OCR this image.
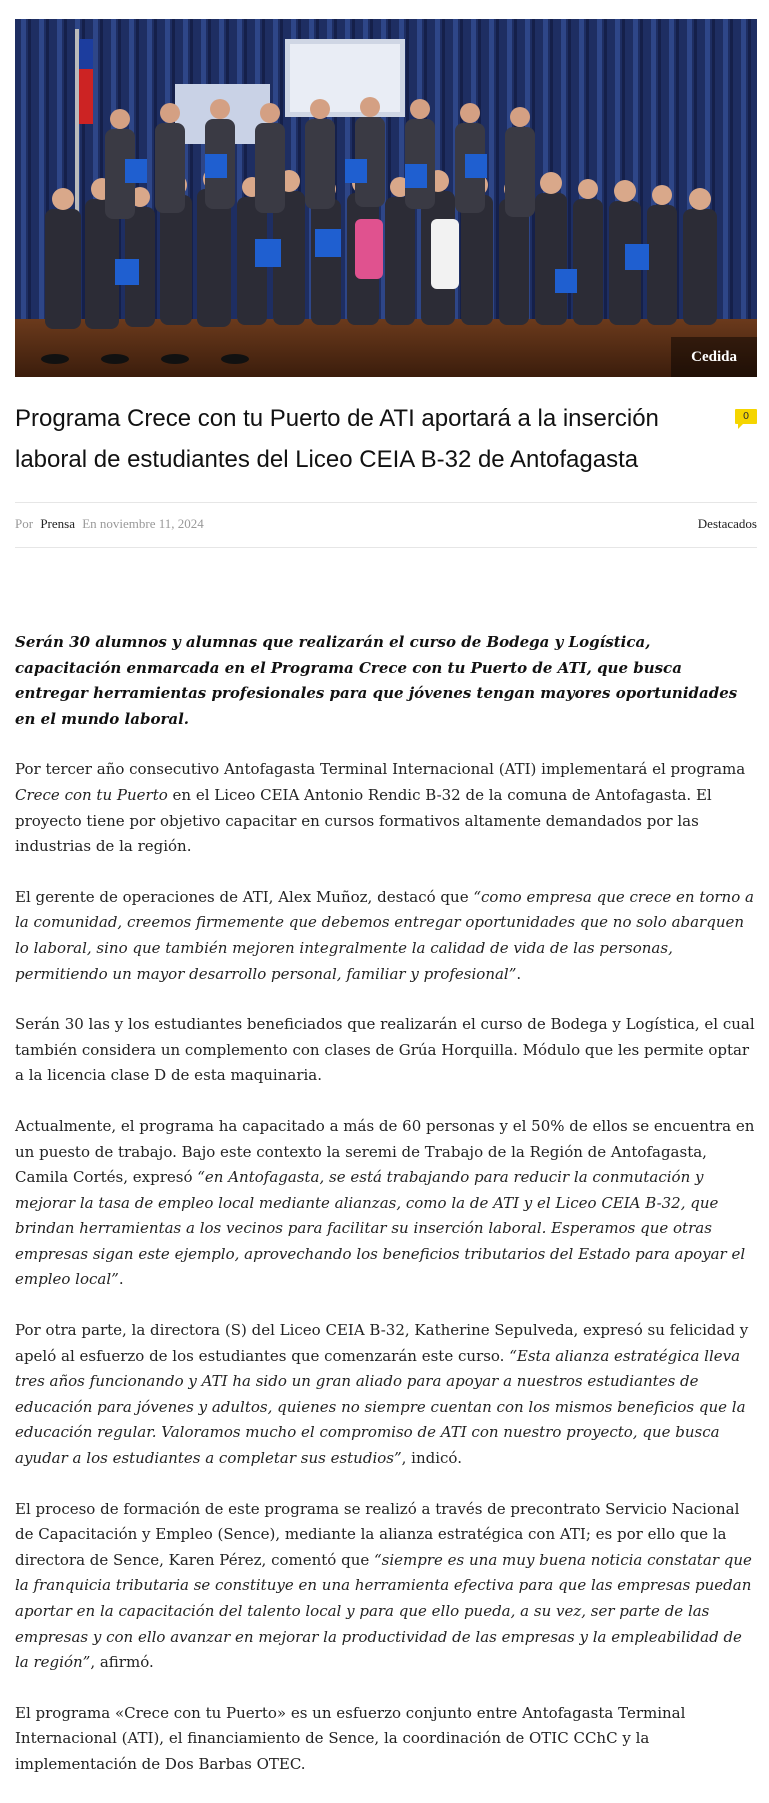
Cedida
Programa Crece con tu Puerto de ATI aportará a la inserción laboral de estudiantes del Liceo CEIA B-32 de Antofagasta
0
Por Prensa En noviembre 11, 2024	Destacados

Serán 30 alumnos y alumnas que realizarán el curso de Bodega y Logística, capacitación enmarcada en el Programa Crece con tu Puerto de ATI, que busca entregar herramientas profesionales para que jóvenes tengan mayores oportunidades en el mundo laboral.

Por tercer año consecutivo Antofagasta Terminal Internacional (ATI) implementará el programa Crece con tu Puerto en el Liceo CEIA Antonio Rendic B-32 de la comuna de Antofagasta. El proyecto tiene por objetivo capacitar en cursos formativos altamente demandados por las industrias de la región.

El gerente de operaciones de ATI, Alex Muñoz, destacó que “como empresa que crece en torno a la comunidad, creemos firmemente que debemos entregar oportunidades que no solo abarquen lo laboral, sino que también mejoren integralmente la calidad de vida de las personas, permitiendo un mayor desarrollo personal, familiar y profesional”.

Serán 30 las y los estudiantes beneficiados que realizarán el curso de Bodega y Logística, el cual también considera un complemento con clases de Grúa Horquilla. Módulo que les permite optar a la licencia clase D de esta maquinaria.

Actualmente, el programa ha capacitado a más de 60 personas y el 50% de ellos se encuentra en un puesto de trabajo. Bajo este contexto la seremi de Trabajo de la Región de Antofagasta, Camila Cortés, expresó “en Antofagasta, se está trabajando para reducir la conmutación y mejorar la tasa de empleo local mediante alianzas, como la de ATI y el Liceo CEIA B-32, que brindan herramientas a los vecinos para facilitar su inserción laboral. Esperamos que otras empresas sigan este ejemplo, aprovechando los beneficios tributarios del Estado para apoyar el empleo local”.

Por otra parte, la directora (S) del Liceo CEIA B-32, Katherine Sepulveda, expresó su felicidad y apeló al esfuerzo de los estudiantes que comenzarán este curso. “Esta alianza estratégica lleva tres años funcionando y ATI ha sido un gran aliado para apoyar a nuestros estudiantes de educación para jóvenes y adultos, quienes no siempre cuentan con los mismos beneficios que la educación regular. Valoramos mucho el compromiso de ATI con nuestro proyecto, que busca ayudar a los estudiantes a completar sus estudios”, indicó.

El proceso de formación de este programa se realizó a través de precontrato Servicio Nacional de Capacitación y Empleo (Sence), mediante la alianza estratégica con ATI; es por ello que la directora de Sence, Karen Pérez, comentó que “siempre es una muy buena noticia constatar que la franquicia tributaria se constituye en una herramienta efectiva para que las empresas puedan aportar en la capacitación del talento local y para que ello pueda, a su vez, ser parte de las empresas y con ello avanzar en mejorar la productividad de las empresas y la empleabilidad de la región”, afirmó.

El programa «Crece con tu Puerto» es un esfuerzo conjunto entre Antofagasta Terminal Internacional (ATI), el financiamiento de Sence, la coordinación de OTIC CChC y la implementación de Dos Barbas OTEC.
